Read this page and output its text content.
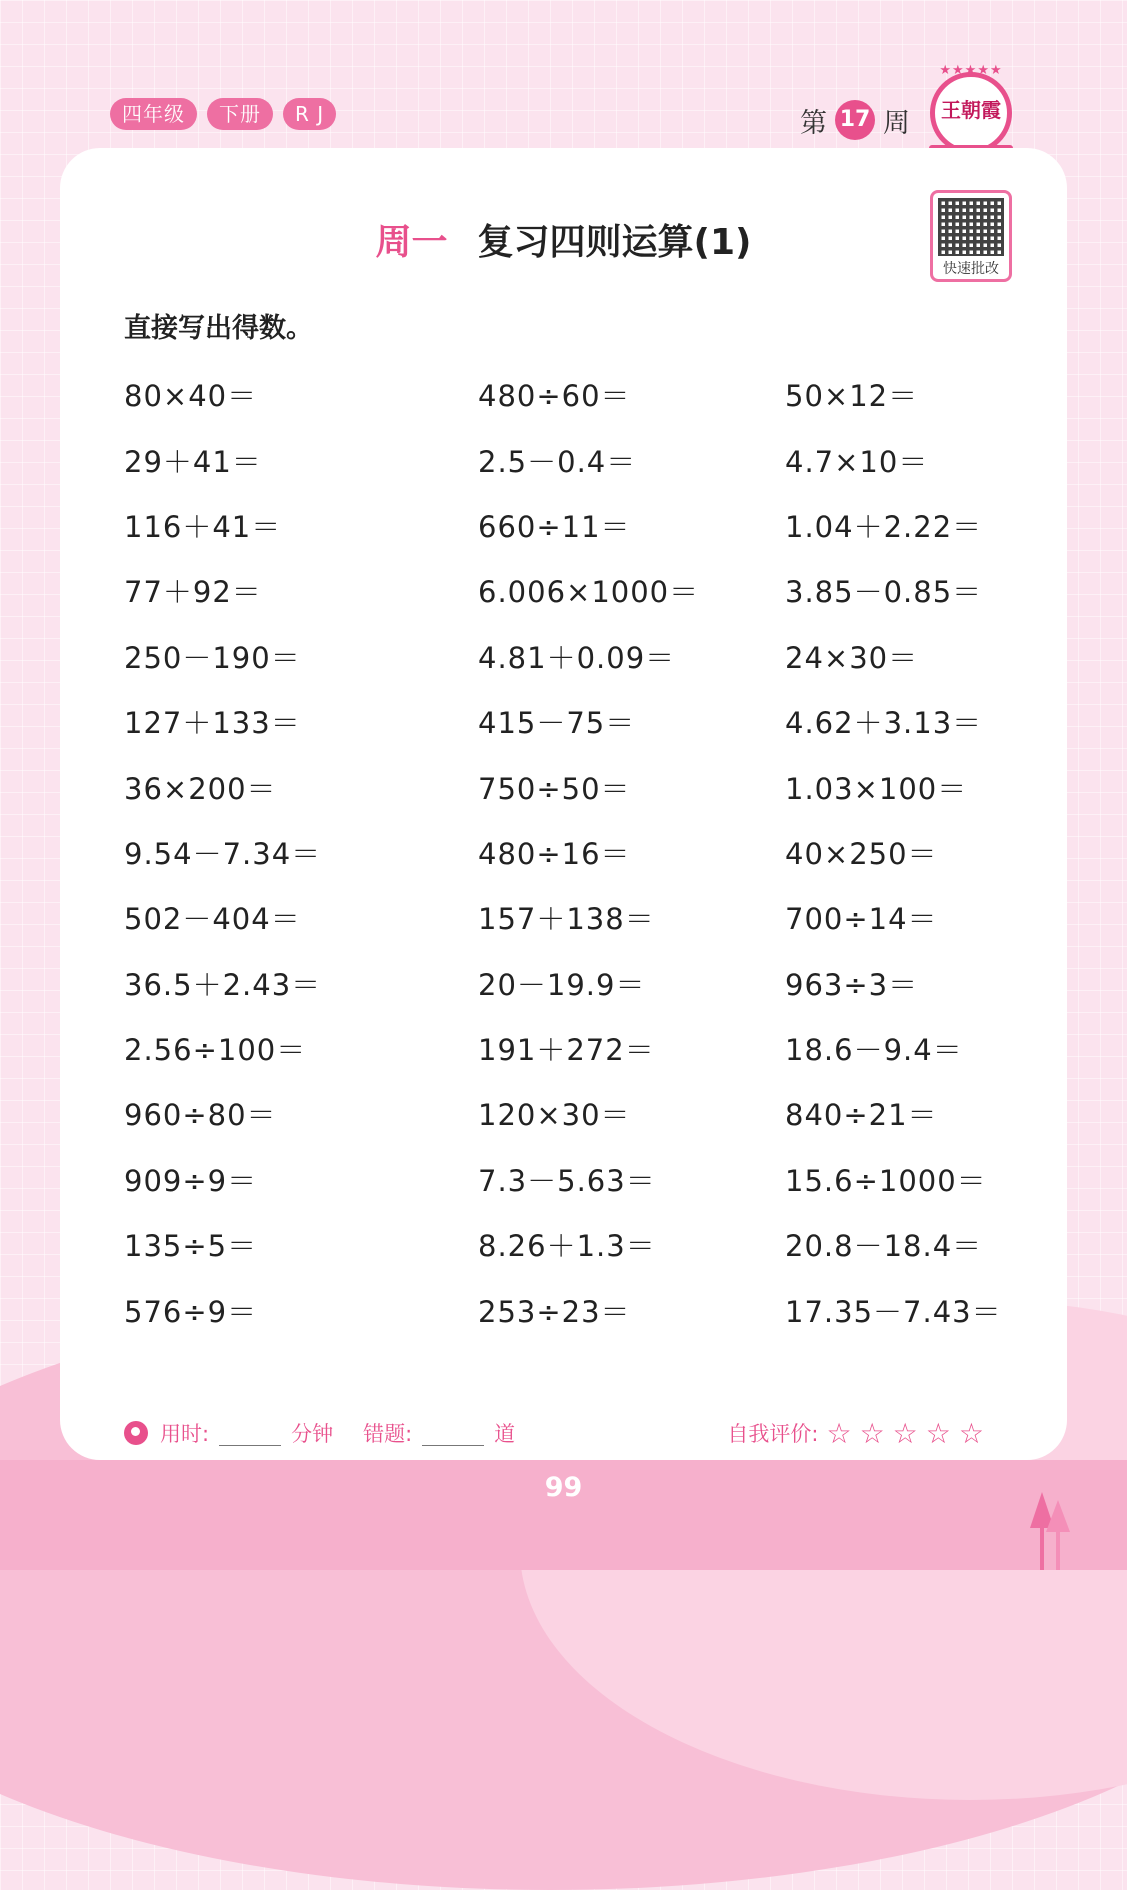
四年级	下册	R J	第 17 周
★★★★★
王朝霞
周一 复习四则运算(1)
快速批改
直接写出得数。
80×40＝	480÷60＝	50×12＝
29＋41＝	2.5－0.4＝	4.7×10＝
116＋41＝	660÷11＝	1.04＋2.22＝
77＋92＝	6.006×1000＝	3.85－0.85＝
250－190＝	4.81＋0.09＝	24×30＝
127＋133＝	415－75＝	4.62＋3.13＝
36×200＝	750÷50＝	1.03×100＝
9.54－7.34＝	480÷16＝	40×250＝
502－404＝	157＋138＝	700÷14＝
36.5＋2.43＝	20－19.9＝	963÷3＝
2.56÷100＝	191＋272＝	18.6－9.4＝
960÷80＝	120×30＝	840÷21＝
909÷9＝	7.3－5.63＝	15.6÷1000＝
135÷5＝	8.26＋1.3＝	20.8－18.4＝
576÷9＝	253÷23＝	17.35－7.43＝
用时:	分钟 错题:	道	自我评价: ☆ ☆ ☆ ☆ ☆
99
